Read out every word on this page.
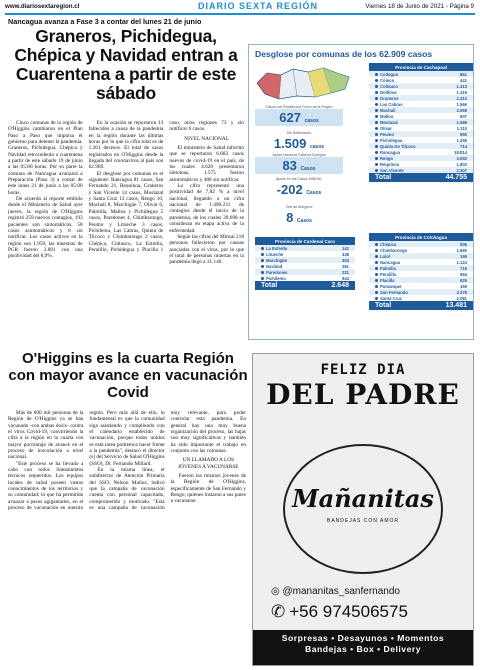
www.diariosextaregion.cl	DIARIO SEXTA REGIÓN	Viernes 18 de Junio de 2021 - Página 9
Nancagua avanza a Fase 3 a contar del lunes 21 de junio
Graneros, Pichidegua, Chépica y Navidad entran a Cuarentena a partir de este sábado

Cinco comunas de la región de O'Higgins cambiaron en el Plan Paso a Paso que impulsa el gobierno para detener la pandemia. Graneros, Pichidegua, Chépica y Navidad retrocederán a cuarentena a partir de este sábado 19 de junio a las 05:00 horas. Por su parte la comuna de Nancagua avanzará a Preparación (Paso 3) a contar de este lunes 21 de junio a las 05:00 horas.

De acuerdo al reporte emitido desde el Ministerio de Salud ayer jueves, la región de O'Higgins registró 259 nuevos contagios, 193 pacientes son sintomáticos, 58 casos asintomáticos y 8 sin notificar. Los casos activos en la región son 1.959, las muestras de PCR fueron 2.881 con una positividad del 8,9%.

En la ocasión se reportaron 13 fallecidos a causa de la pandemia en la región durante las últimas horas por lo que la cifra total es de 1.261 decesos. El total de casos registrados en O'Higgins desde la llegada del coronavirus al país son 62.909.

El desglose por comunas es el siguiente: Rancagua 81 casos, San Fernando 21, Requínoa, Graneros y San Vicente 14 casos, Mostazal y Santa Cruz 13 casos, Rengo 10, Machalí 8, Marchigüe 7, Olivar 6, Palmilla, Malloa y Pichidegua 5 casos, Paredones 4, Chimbarongo, Peumo y Litueche 3 casos, Pichilemu, Las Cabras, Quinta de Tilcoco y Chimbarongo 2 casos, Chépica, Coltauco, La Estrella, Peralillo, Pichidegua y Placilla 1 caso, otras regiones 73 y sin notificar 6 casos.

NIVEL NACIONAL

El ministerio de Salud informó que se reportaron 6.683 casos nuevos de covid-19 en el país, de los cuales 4.620 presentaron síntomas, 1.575 fueron asintomáticos y 488 sin notificar.

La cifra representó una positividad de 7,82 % a nivel nacional, llegando a un cifra nacional de 1.498.231 de contagios desde el inicio de la pandemia, de los cuales 39.698 se consideran en etapa activa de la enfermedad.

Según las cifras del Minsal 218 personas fallecieron por causas asociadas con el virus, por lo que el total de personas muertas en la pandemia llegó a 31.140.

Desglose por comunas de los 62.909 casos
Casos con Residencia Fuera de la Región
627 casos
Sin Notificación
1.509 casos
Ajuste Nacional Sistema Epivigila
83 Casos
Ajuste en los Casos MINSAL
-202 Casos
Test de Antígeno
8 Casos
Provincia de Cachapoal
Codegua	861
Coinco	441
Coltauco	1.313
Doñihue	1.419
Graneros	2.312
Las Cabras	1.566
Machalí	2.069
Malloa	907
Mostazal	1.586
Olivar	1.110
Peumo	950
Pichidegua	1.256
Quinta De Tilcoco	714
Rancagua	18.814
Rengo	3.052
Requínoa	1.802
San Vicente	2.307
Total	44.755
Provincia de Cardenal Caro
La Estrella	142
Litueche	438
Marchigüe	404
Navidad	281
Paredones	221
Pichilemu	944
Total	2.648
Provincia de Colchagua
Chépica	936
Chimbarongo	1.660
Lolol	195
Nancagua	1.124
Palmilla	719
Peralillo	594
Placilla	625
Pumanque	169
San Fernando	3.378
Santa Cruz	2.081
Total	13.481
O'Higgins es la cuarta Región con mayor avance en vacunación Covid

Más de 600 mil personas de la Región de O'Higgins ya se han vacunado -con ambas dosis- contra el virus Covid-19, convirtiendo la cifra a la región en la cuarta con mayor porcentaje de avance en el proceso de inoculación a nivel nacional.

"Este proceso se ha llevado a cabo con todos lineamientos técnicos requeridos. Los equipos locales de salud poseen vastos conocimientos de los territorios y su comunidad; lo que ha permitido avanzar a pasos agigantados, en el proceso de vacunación en nuestro región. Pero más allá de ello, lo fundamental es que la comunidad siga asistiendo y cumpliendo con el calendario establecido de vacunación, porque todos unidos es esta tarea podremos hacer frente a la pandemia", destacó el director (s) del Servicio de Salud O'Higgins (SSO), Dr. Fernando Millard.

En la misma línea, el subdirector de Atención Primaria del SSO, Nelson Muñoz, indicó que la campaña de vacunación cuenta con personal capacitado, comprometido y motivado. "Esta es una campaña de vacunación muy relevante, para poder controlar esta pandemia. En general hay una muy buena organización del proceso, las bajas son muy significativas y también ha sido importante el trabajo en conjunto con las comunas.

UN LLAMADO A LOS JÓVENES A VACUNARSE

Fueron los mismos jóvenes de la Región de O'Higgins, específicamente de San Fernando y Rengo, quienes instaron a sus pares a vacunarse.

FELIZ DIA
DEL PADRE
Mañanitas
BANDEJAS CON AMOR
◎ @mananitas_sanfernando
✆ +56 974506575
Sorpresas • Desayunos • Momentos
Bandejas • Box • Delivery
